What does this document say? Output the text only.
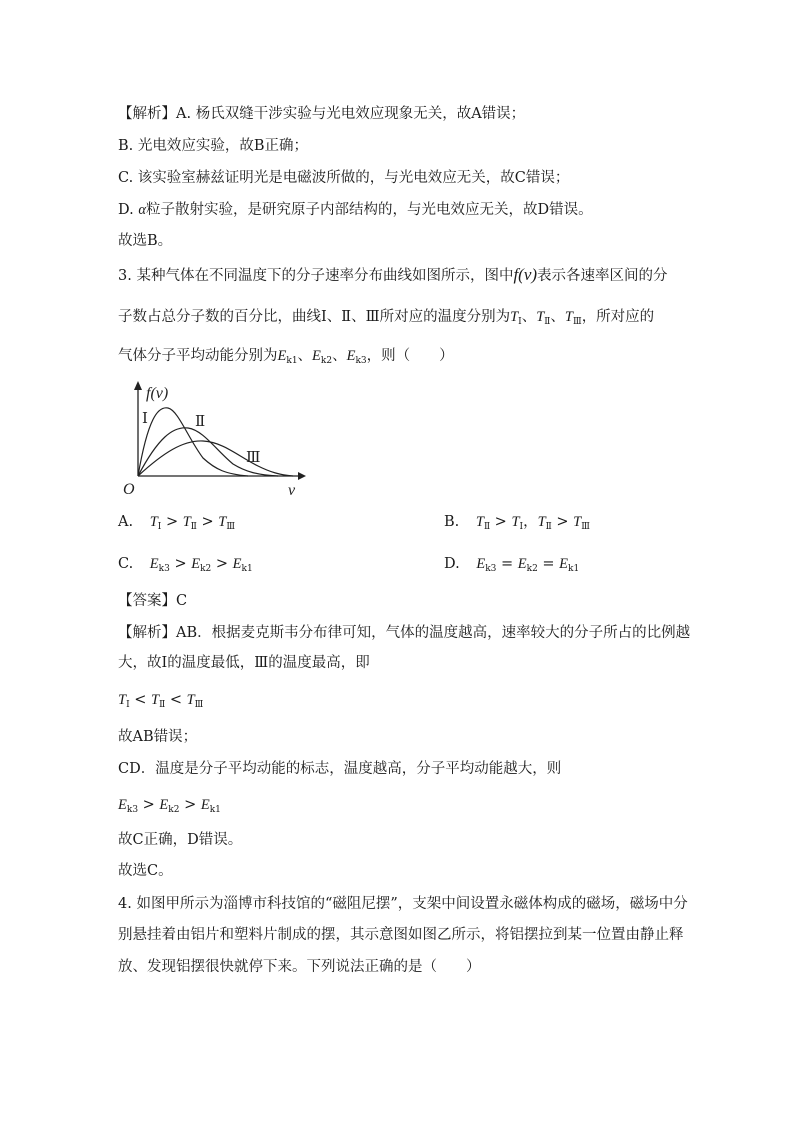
【解析】A. 杨氏双缝干涉实验与光电效应现象无关，故A错误；
B. 光电效应实验，故B正确；
C. 该实验室赫兹证明光是电磁波所做的，与光电效应无关，故C错误；
D. α粒子散射实验，是研究原子内部结构的，与光电效应无关，故D错误。
故选B。
3. 某种气体在不同温度下的分子速率分布曲线如图所示，图中f(v)表示各速率区间的分
子数占总分子数的百分比，曲线Ⅰ、Ⅱ、Ⅲ所对应的温度分别为$T_Ⅰ$、$T_Ⅱ$、$T_Ⅲ$，所对应的
气体分子平均动能分别为$E_{k1}$、$E_{k2}$、$E_{k3}$，则（　　）
f(v)
v
O
Ⅰ	Ⅱ
Ⅲ
A. $T_Ⅰ > T_Ⅱ > T_Ⅲ$	B. $T_Ⅱ > T_Ⅰ$，$T_Ⅱ > T_Ⅲ$
C. $E_{k3} > E_{k2} > E_{k1}$	D. $E_{k3} = E_{k2} = E_{k1}$
【答案】C
【解析】AB．根据麦克斯韦分布律可知，气体的温度越高，速率较大的分子所占的比例越
大，故Ⅰ的温度最低，Ⅲ的温度最高，即
$T_Ⅰ < T_Ⅱ < T_Ⅲ$
故AB错误；
CD．温度是分子平均动能的标志，温度越高，分子平均动能越大，则
$E_{k3} > E_{k2} > E_{k1}$
故C正确，D错误。
故选C。
4. 如图甲所示为淄博市科技馆的“磁阻尼摆”，支架中间设置永磁体构成的磁场，磁场中分
别悬挂着由铝片和塑料片制成的摆，其示意图如图乙所示，将铝摆拉到某一位置由静止释
放、发现铝摆很快就停下来。下列说法正确的是（　　）
